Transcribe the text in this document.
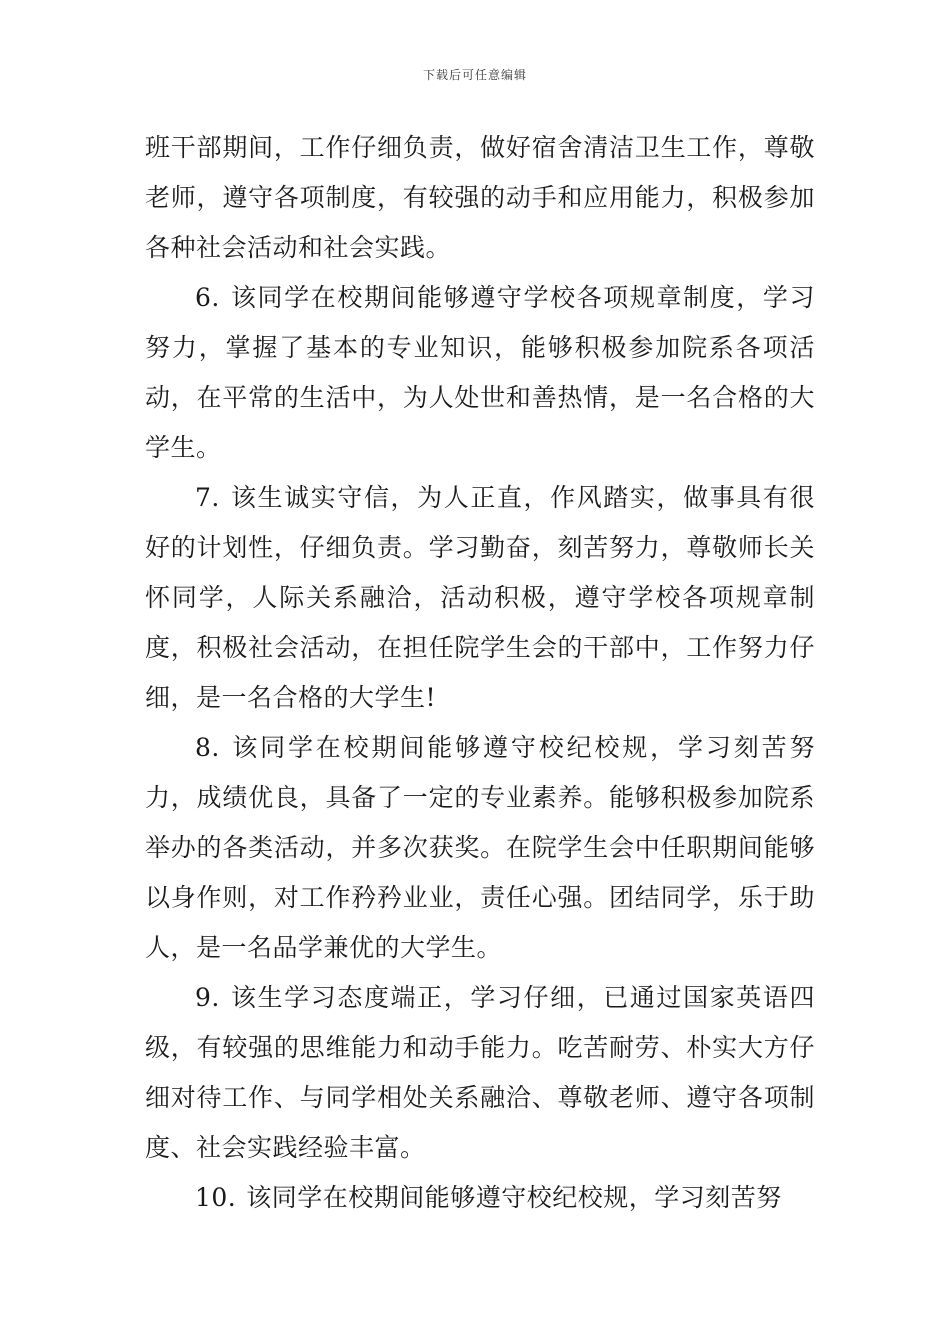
下载后可任意编辑

班干部期间，工作仔细负责，做好宿舍清洁卫生工作，尊敬老师，遵守各项制度，有较强的动手和应用能力，积极参加各种社会活动和社会实践。

6. 该同学在校期间能够遵守学校各项规章制度，学习努力，掌握了基本的专业知识，能够积极参加院系各项活动，在平常的生活中，为人处世和善热情，是一名合格的大学生。

7. 该生诚实守信，为人正直，作风踏实，做事具有很好的计划性，仔细负责。学习勤奋，刻苦努力，尊敬师长关怀同学，人际关系融洽，活动积极，遵守学校各项规章制度，积极社会活动，在担任院学生会的干部中，工作努力仔细，是一名合格的大学生!

8. 该同学在校期间能够遵守校纪校规，学习刻苦努力，成绩优良，具备了一定的专业素养。能够积极参加院系举办的各类活动，并多次获奖。在院学生会中任职期间能够以身作则，对工作矜矜业业，责任心强。团结同学，乐于助人，是一名品学兼优的大学生。

9. 该生学习态度端正，学习仔细，已通过国家英语四级，有较强的思维能力和动手能力。吃苦耐劳、朴实大方仔细对待工作、与同学相处关系融洽、尊敬老师、遵守各项制度、社会实践经验丰富。

10. 该同学在校期间能够遵守校纪校规，学习刻苦努
